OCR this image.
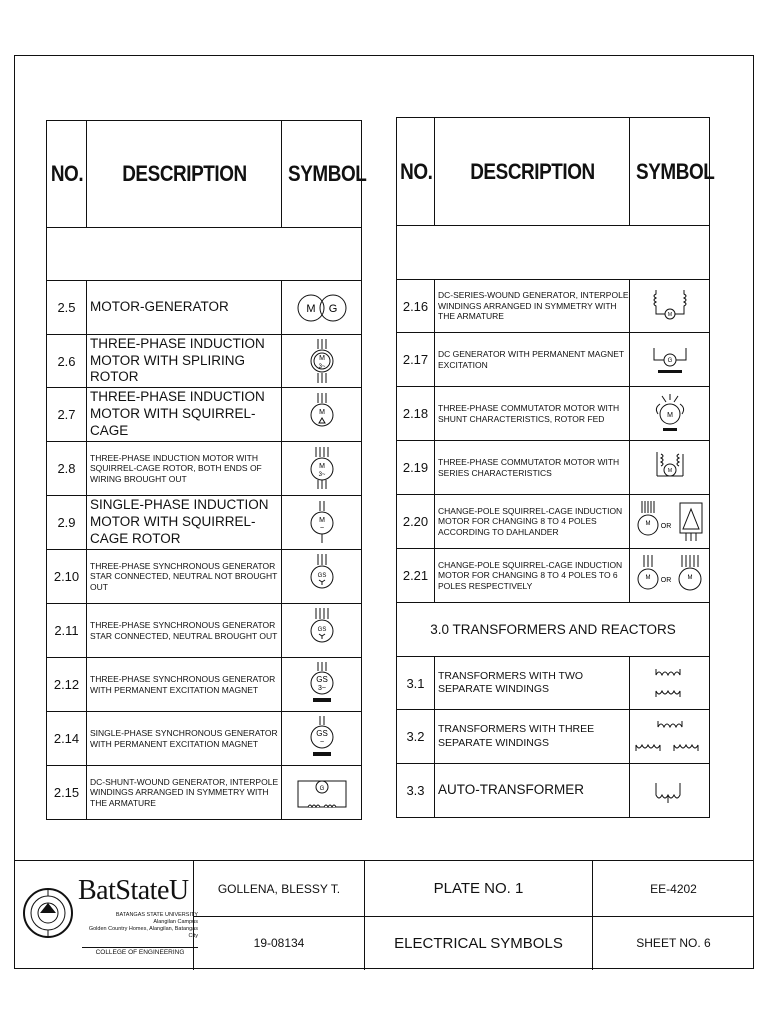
NO.	DESCRIPTION	SYMBOL

2.5	MOTOR-GENERATOR	M G

2.6	THREE-PHASE INDUCTION MOTOR WITH SPLIRING ROTOR	M
3~

2.7	THREE-PHASE INDUCTION MOTOR WITH SQUIRREL-CAGE	M

2.8	THREE-PHASE INDUCTION MOTOR WITH SQUIRREL-CAGE ROTOR, BOTH ENDS OF WIRING BROUGHT OUT	M
3~

2.9	SINGLE-PHASE INDUCTION MOTOR WITH SQUIRREL-CAGE ROTOR	M
~

2.10	THREE-PHASE SYNCHRONOUS GENERATOR STAR CONNECTED, NEUTRAL NOT BROUGHT OUT	GS

2.11	THREE-PHASE SYNCHRONOUS GENERATOR STAR CONNECTED, NEUTRAL BROUGHT OUT	GS

2.12	THREE-PHASE SYNCHRONOUS GENERATOR WITH PERMANENT EXCITATION MAGNET	GS
3~

2.14	SINGLE-PHASE SYNCHRONOUS GENERATOR WITH PERMANENT EXCITATION MAGNET	GS
~

2.15	DC-SHUNT-WOUND GENERATOR, INTERPOLE WINDINGS ARRANGED IN SYMMETRY WITH THE ARMATURE	G
NO.	DESCRIPTION	SYMBOL

2.16	DC-SERIES-WOUND GENERATOR, INTERPOLE WINDINGS ARRANGED IN SYMMETRY WITH THE ARMATURE	M

2.17	DC GENERATOR WITH PERMANENT MAGNET EXCITATION	G

2.18	THREE-PHASE COMMUTATOR MOTOR WITH SHUNT CHARACTERISTICS, ROTOR FED	M

2.19	THREE-PHASE COMMUTATOR MOTOR WITH SERIES CHARACTERISTICS	M

2.20	CHANGE-POLE SQUIRREL-CAGE INDUCTION MOTOR FOR CHANGING 8 TO 4 POLES ACCORDING TO DAHLANDER	M OR

2.21	CHANGE-POLE SQUIRREL-CAGE INDUCTION MOTOR FOR CHANGING 8 TO 4 POLES TO 6 POLES RESPECTIVELY	M M
OR

3.0 TRANSFORMERS AND REACTORS		
3.1	TRANSFORMERS WITH TWO SEPARATE WINDINGS	

3.2	TRANSFORMERS WITH THREE SEPARATE WINDINGS	

3.3	AUTO-TRANSFORMER	
BatStateU
BATANGAS STATE UNIVERSITY
Alangilan Campus
Golden Country Homes, Alangilan, Batangas City
COLLEGE OF ENGINEERING
GOLLENA, BLESSY T.
19-08134
PLATE NO. 1
ELECTRICAL SYMBOLS
EE-4202
SHEET NO. 6
